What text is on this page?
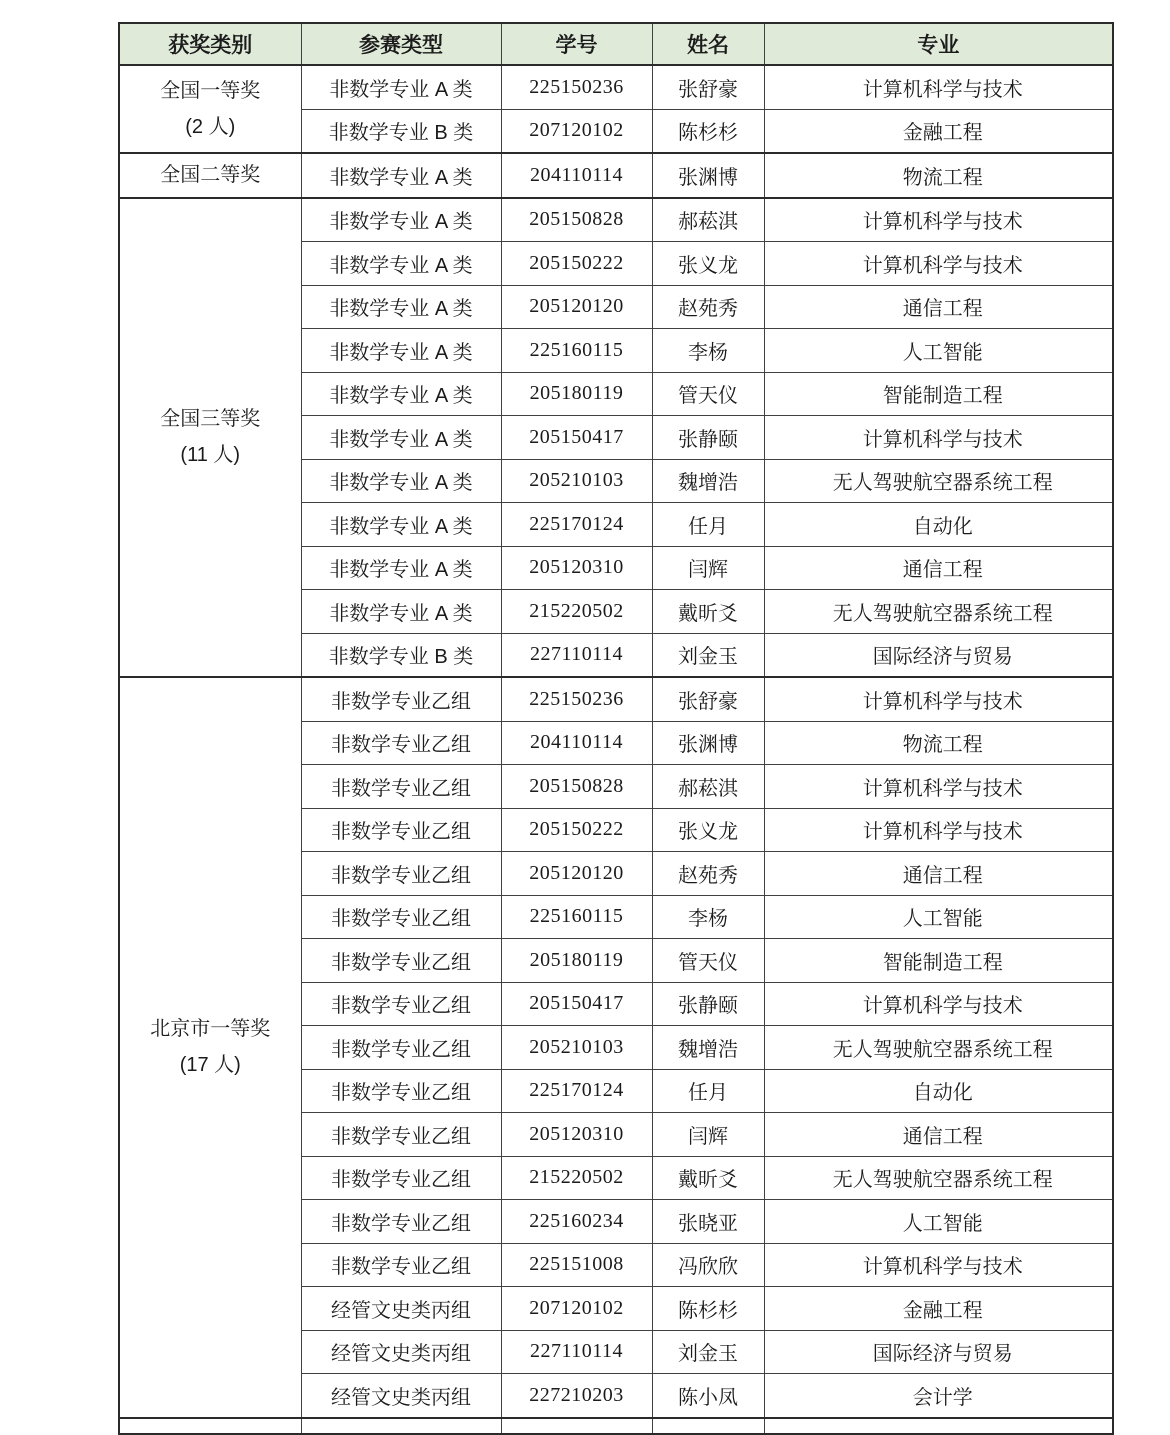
获奖类别	参赛类型	学号	姓名	专业

全国一等奖
(2 人)	非数学专业 A 类	225150236	张舒豪	计算机科学与技术
	非数学专业 B 类	207120102	陈杉杉	金融工程

全国二等奖	非数学专业 A 类	204110114	张渊博	物流工程

全国三等奖
(11 人)	非数学专业 A 类	205150828	郝菘淇	计算机科学与技术
	非数学专业 A 类	205150222	张义龙	计算机科学与技术
	非数学专业 A 类	205120120	赵苑秀	通信工程
	非数学专业 A 类	225160115	李杨	人工智能
	非数学专业 A 类	205180119	管天仪	智能制造工程
	非数学专业 A 类	205150417	张静颐	计算机科学与技术
	非数学专业 A 类	205210103	魏增浩	无人驾驶航空器系统工程
	非数学专业 A 类	225170124	任月	自动化
	非数学专业 A 类	205120310	闫辉	通信工程
	非数学专业 A 类	215220502	戴昕爻	无人驾驶航空器系统工程
	非数学专业 B 类	227110114	刘金玉	国际经济与贸易

北京市一等奖
(17 人)	非数学专业乙组	225150236	张舒豪	计算机科学与技术
	非数学专业乙组	204110114	张渊博	物流工程
	非数学专业乙组	205150828	郝菘淇	计算机科学与技术
	非数学专业乙组	205150222	张义龙	计算机科学与技术
	非数学专业乙组	205120120	赵苑秀	通信工程
	非数学专业乙组	225160115	李杨	人工智能
	非数学专业乙组	205180119	管天仪	智能制造工程
	非数学专业乙组	205150417	张静颐	计算机科学与技术
	非数学专业乙组	205210103	魏增浩	无人驾驶航空器系统工程
	非数学专业乙组	225170124	任月	自动化
	非数学专业乙组	205120310	闫辉	通信工程
	非数学专业乙组	215220502	戴昕爻	无人驾驶航空器系统工程
	非数学专业乙组	225160234	张晓亚	人工智能
	非数学专业乙组	225151008	冯欣欣	计算机科学与技术
	经管文史类丙组	207120102	陈杉杉	金融工程
	经管文史类丙组	227110114	刘金玉	国际经济与贸易
	经管文史类丙组	227210203	陈小凤	会计学
